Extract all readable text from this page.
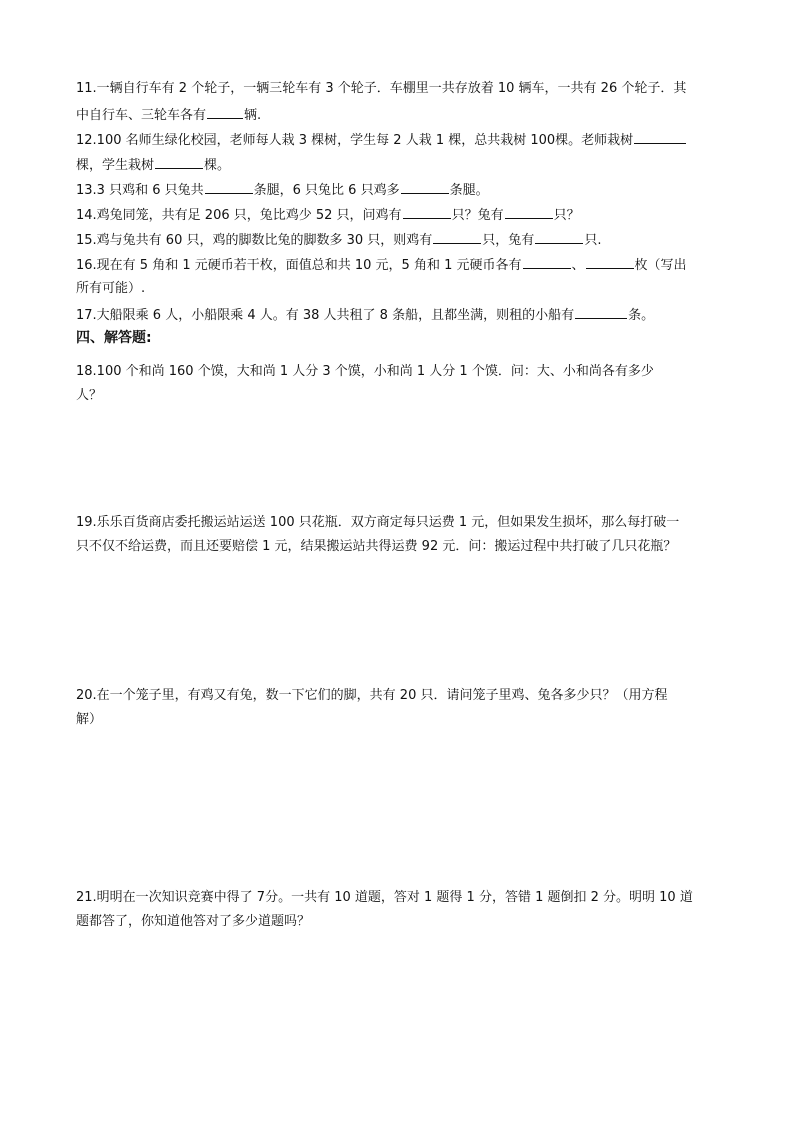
11.一辆自行车有 2 个轮子，一辆三轮车有 3 个轮子．车棚里一共存放着 10 辆车，一共有 26 个轮子．其
中自行车、三轮车各有	辆.
12.100 名师生绿化校园，老师每人栽 3 棵树，学生每 2 人栽 1 棵，总共栽树 100棵。老师栽树
棵，学生栽树	棵。
13.3 只鸡和 6 只兔共	条腿，6 只兔比 6 只鸡多	条腿。
14.鸡兔同笼，共有足 206 只，兔比鸡少 52 只，问鸡有	只？兔有	只？
15.鸡与兔共有 60 只，鸡的脚数比兔的脚数多 30 只，则鸡有	只，兔有	只.
16.现在有 5 角和 1 元硬币若干枚，面值总和共 10 元，5 角和 1 元硬币各有	、	枚（写出
所有可能）.
17.大船限乘 6 人，小船限乘 4 人。有 38 人共租了 8 条船，且都坐满，则租的小船有	条。
四、解答题:
18.100 个和尚 160 个馍，大和尚 1 人分 3 个馍，小和尚 1 人分 1 个馍．问：大、小和尚各有多少
人？
19.乐乐百货商店委托搬运站运送 100 只花瓶．双方商定每只运费 1 元，但如果发生损坏，那么每打破一
只不仅不给运费，而且还要赔偿 1 元，结果搬运站共得运费 92 元．问：搬运过程中共打破了几只花瓶？
20.在一个笼子里，有鸡又有兔，数一下它们的脚，共有 20 只．请问笼子里鸡、兔各多少只？（用方程
解）
21.明明在一次知识竞赛中得了 7分。一共有 10 道题，答对 1 题得 1 分，答错 1 题倒扣 2 分。明明 10 道
题都答了，你知道他答对了多少道题吗？
